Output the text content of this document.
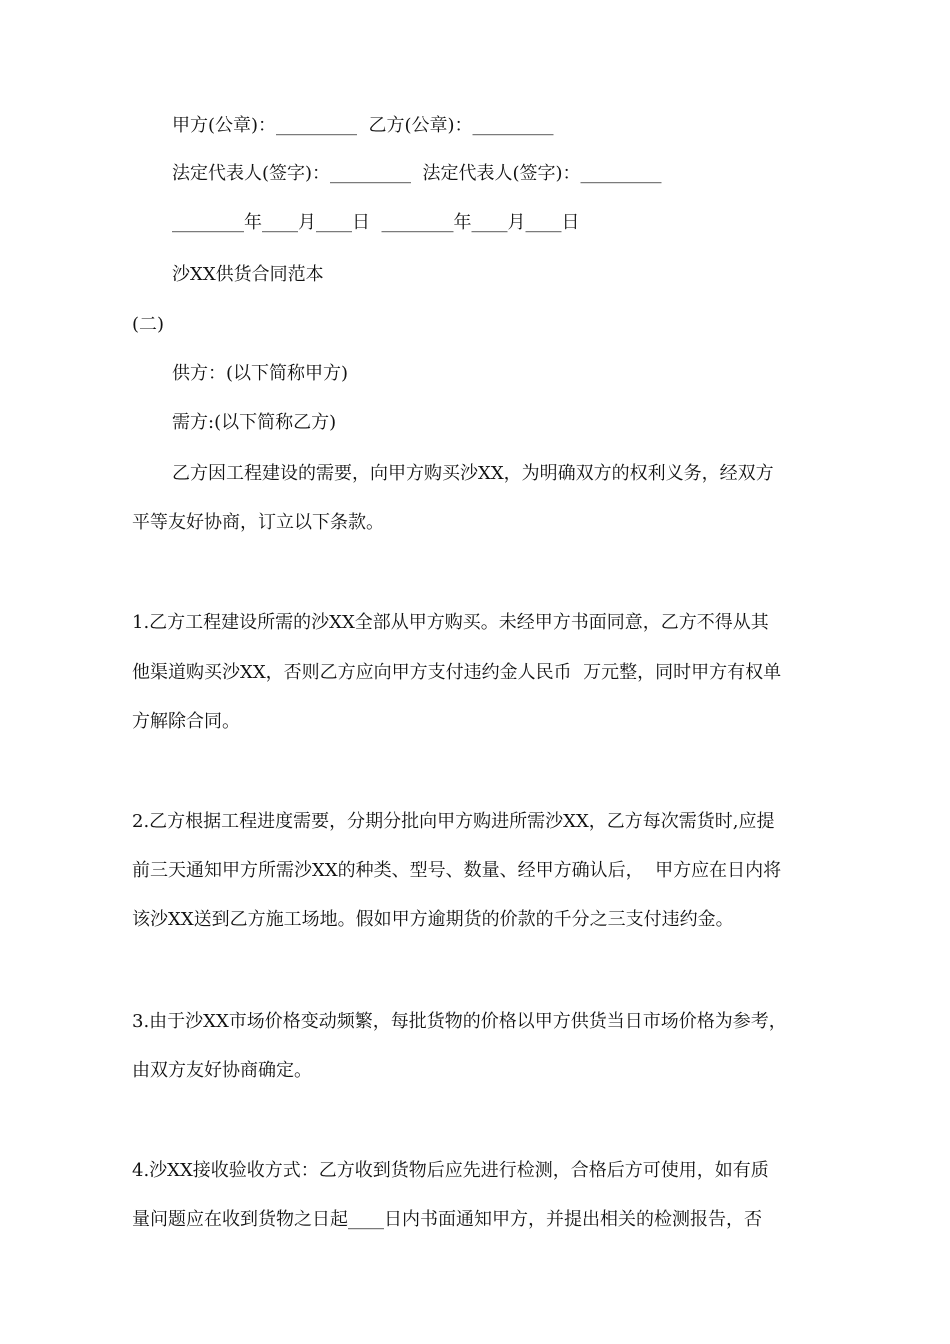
甲方(公章)：_________  乙方(公章)：_________
法定代表人(签字)：_________  法定代表人(签字)：_________
________年____月____日  ________年____月____日
沙XX供货合同范本
(二)
供方：(以下简称甲方)
需方:(以下简称乙方)
乙方因工程建设的需要，向甲方购买沙XX，为明确双方的权利义务，经双方
平等友好协商，订立以下条款。
1.乙方工程建设所需的沙XX全部从甲方购买。未经甲方书面同意，乙方不得从其
他渠道购买沙XX，否则乙方应向甲方支付违约金人民币  万元整，同时甲方有权单
方解除合同。
2.乙方根据工程进度需要，分期分批向甲方购进所需沙XX，乙方每次需货时,应提
前三天通知甲方所需沙XX的种类、型号、数量、经甲方确认后，  甲方应在日内将
该沙XX送到乙方施工场地。假如甲方逾期货的价款的千分之三支付违约金。
3.由于沙XX市场价格变动频繁，每批货物的价格以甲方供货当日市场价格为参考，
由双方友好协商确定。
4.沙XX接收验收方式：乙方收到货物后应先进行检测，合格后方可使用，如有质
量问题应在收到货物之日起____日内书面通知甲方，并提出相关的检测报告，否
